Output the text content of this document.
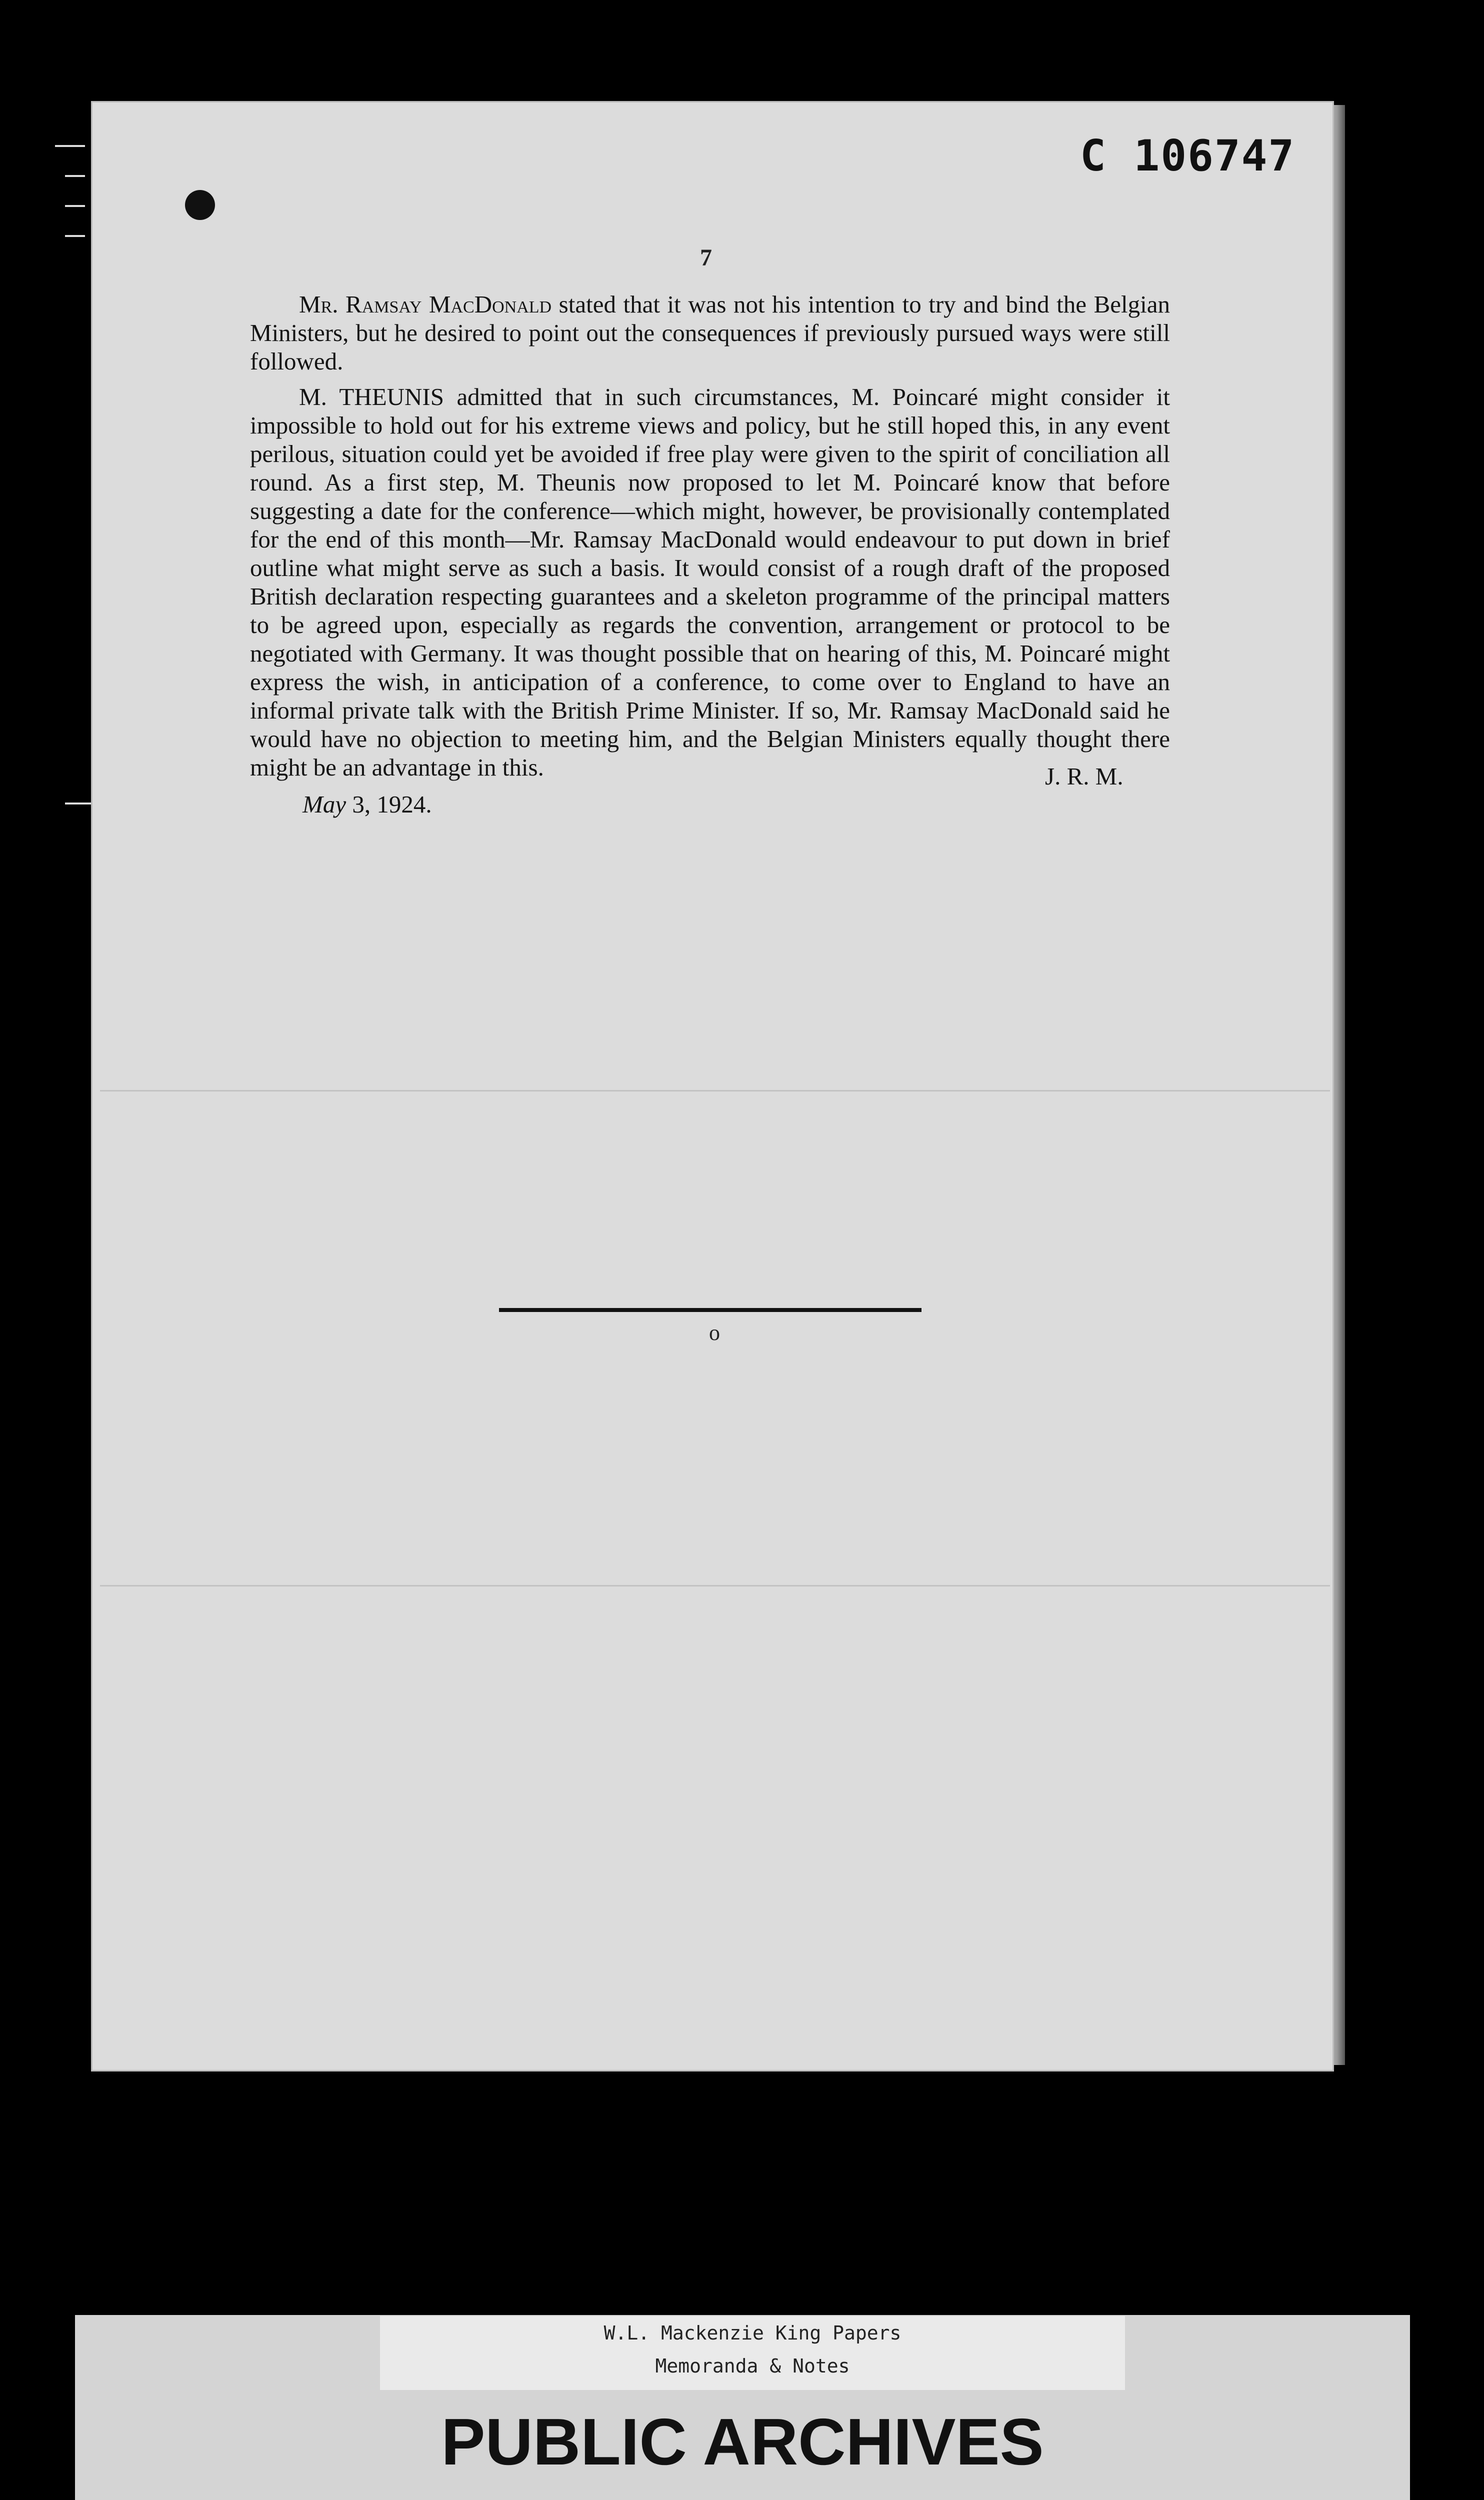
C 106747
7

Mr. Ramsay MacDonald stated that it was not his intention to try and bind the Belgian Ministers, but he desired to point out the consequences if previously pursued ways were still followed.

M. THEUNIS admitted that in such circumstances, M. Poincaré might consider it impossible to hold out for his extreme views and policy, but he still hoped this, in any event perilous, situation could yet be avoided if free play were given to the spirit of conciliation all round. As a first step, M. Theunis now proposed to let M. Poincaré know that before suggesting a date for the conference—which might, however, be provisionally contemplated for the end of this month—Mr. Ramsay MacDonald would endeavour to put down in brief outline what might serve as such a basis. It would consist of a rough draft of the proposed British declaration respecting guarantees and a skeleton programme of the principal matters to be agreed upon, especially as regards the convention, arrangement or protocol to be negotiated with Germany. It was thought possible that on hearing of this, M. Poincaré might express the wish, in anticipation of a conference, to come over to England to have an informal private talk with the British Prime Minister. If so, Mr. Ramsay MacDonald said he would have no objection to meeting him, and the Belgian Ministers equally thought there might be an advantage in this.	J. R. M.
May 3, 1924.
o
W.L. Mackenzie King Papers
Memoranda & Notes
PUBLIC ARCHIVES
